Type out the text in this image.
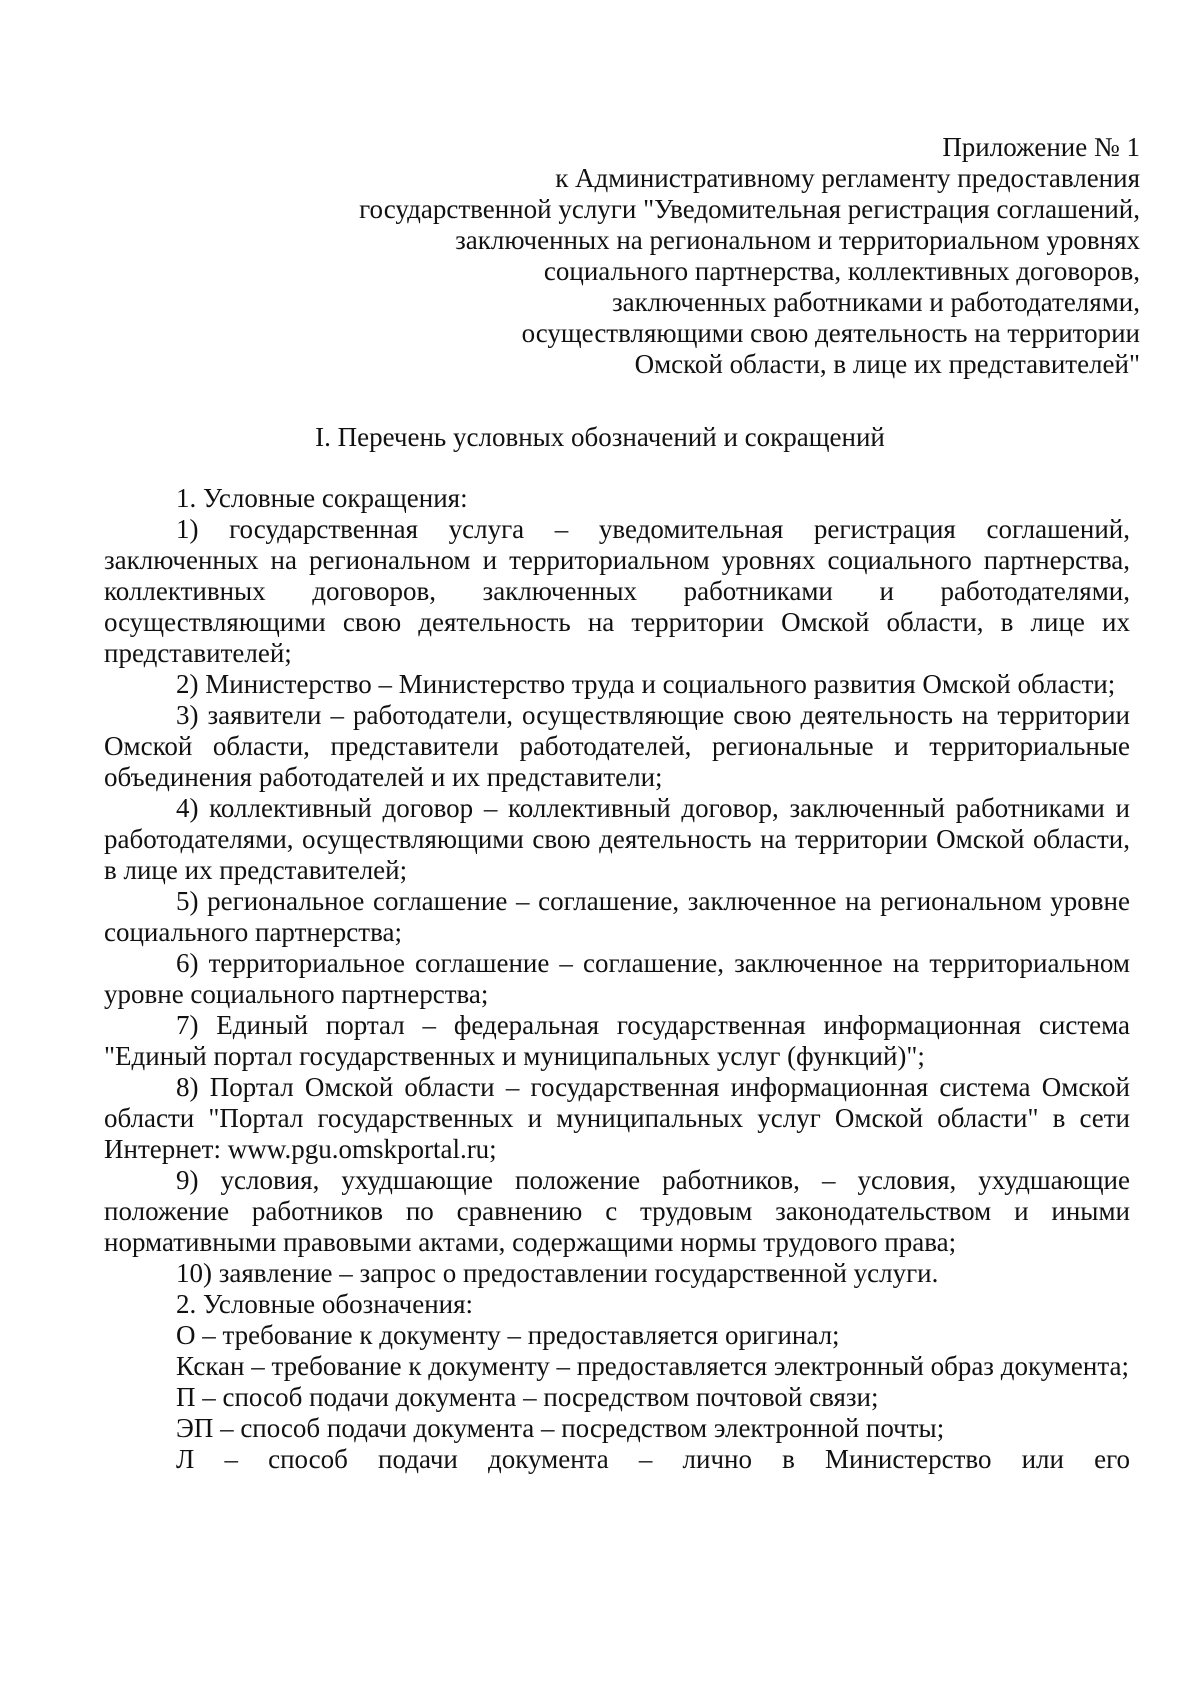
Приложение № 1
к Административному регламенту предоставления
государственной услуги "Уведомительная регистрация соглашений,
заключенных на региональном и территориальном уровнях
социального партнерства, коллективных договоров,
заключенных работниками и работодателями,
осуществляющими свою деятельность на территории
Омской области, в лице их представителей"
I. Перечень условных обозначений и сокращений

1. Условные сокращения:

1) государственная услуга – уведомительная регистрация соглашений, заключенных на региональном и территориальном уровнях социального партнерства, коллективных договоров, заключенных работниками и работодателями, осуществляющими свою деятельность на территории Омской области, в лице их представителей;

2) Министерство – Министерство труда и социального развития Омской области;

3) заявители – работодатели, осуществляющие свою деятельность на территории Омской области, представители работодателей, региональные и территориальные объединения работодателей и их представители;

4) коллективный договор – коллективный договор, заключенный работниками и работодателями, осуществляющими свою деятельность на территории Омской области, в лице их представителей;

5) региональное соглашение – соглашение, заключенное на региональном уровне социального партнерства;

6) территориальное соглашение – соглашение, заключенное на территориальном уровне социального партнерства;

7) Единый портал – федеральная государственная информационная система "Единый портал государственных и муниципальных услуг (функций)";

8) Портал Омской области – государственная информационная система Омской области "Портал государственных и муниципальных услуг Омской области" в сети Интернет: www.pgu.omskportal.ru;

9) условия, ухудшающие положение работников, – условия, ухудшающие положение работников по сравнению с трудовым законодательством и иными нормативными правовыми актами, содержащими нормы трудового права;

10) заявление – запрос о предоставлении государственной услуги.

2. Условные обозначения:

О – требование к документу – предоставляется оригинал;

Кскан – требование к документу – предоставляется электронный образ документа;

П – способ подачи документа – посредством почтовой связи;

ЭП – способ подачи документа – посредством электронной почты;

Л – способ подачи документа – лично в Министерство или его
